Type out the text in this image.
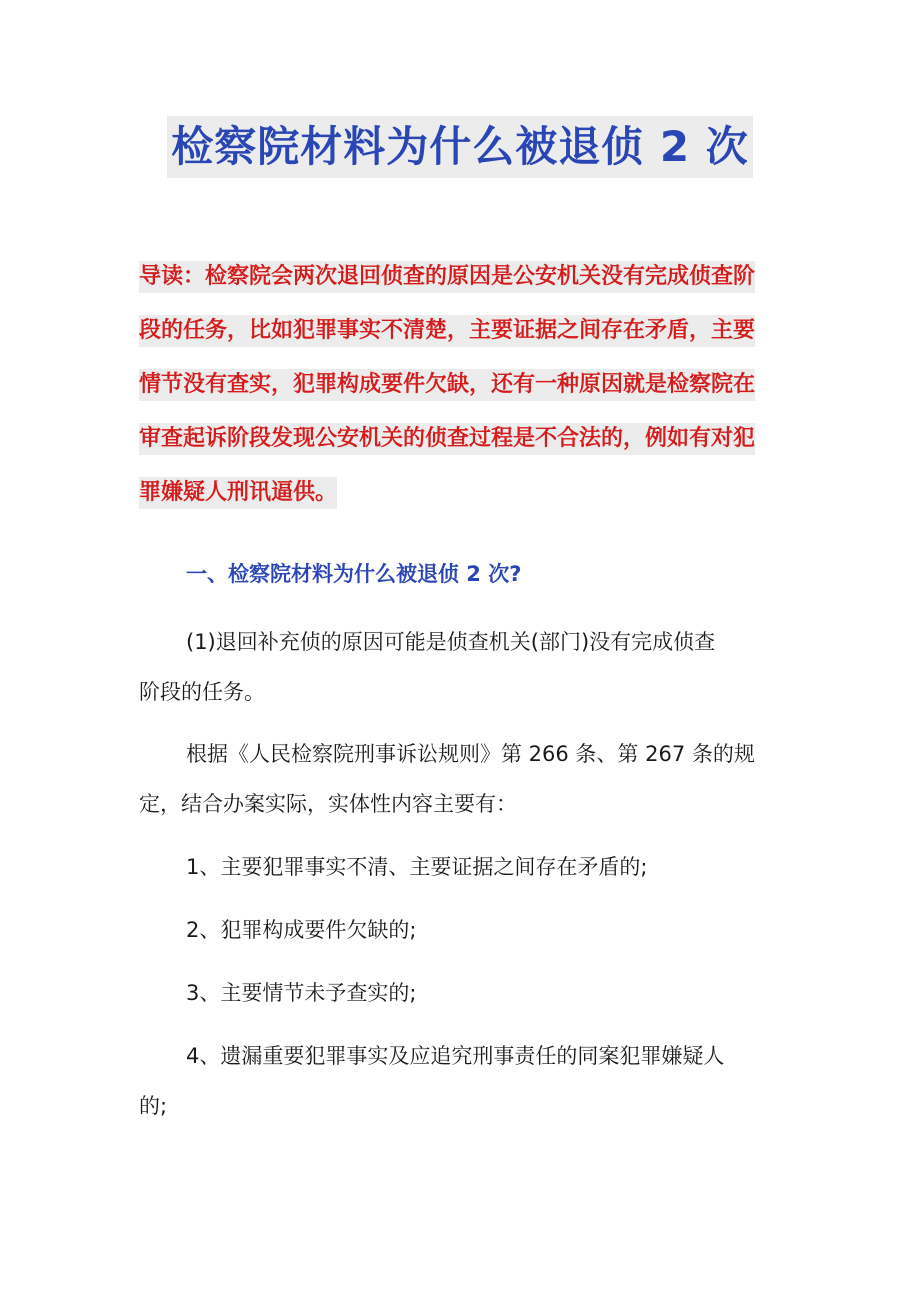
检察院材料为什么被退侦 2 次
导读：检察院会两次退回侦查的原因是公安机关没有完成侦查阶
段的任务，比如犯罪事实不清楚，主要证据之间存在矛盾，主要
情节没有查实，犯罪构成要件欠缺，还有一种原因就是检察院在
审查起诉阶段发现公安机关的侦查过程是不合法的，例如有对犯
罪嫌疑人刑讯逼供。
一、检察院材料为什么被退侦 2 次?
(1)退回补充侦的原因可能是侦查机关(部门)没有完成侦查
阶段的任务。
根据《人民检察院刑事诉讼规则》第 266 条、第 267 条的规
定，结合办案实际，实体性内容主要有：
1、主要犯罪事实不清、主要证据之间存在矛盾的;
2、犯罪构成要件欠缺的;
3、主要情节未予查实的;
4、遗漏重要犯罪事实及应追究刑事责任的同案犯罪嫌疑人
的;
